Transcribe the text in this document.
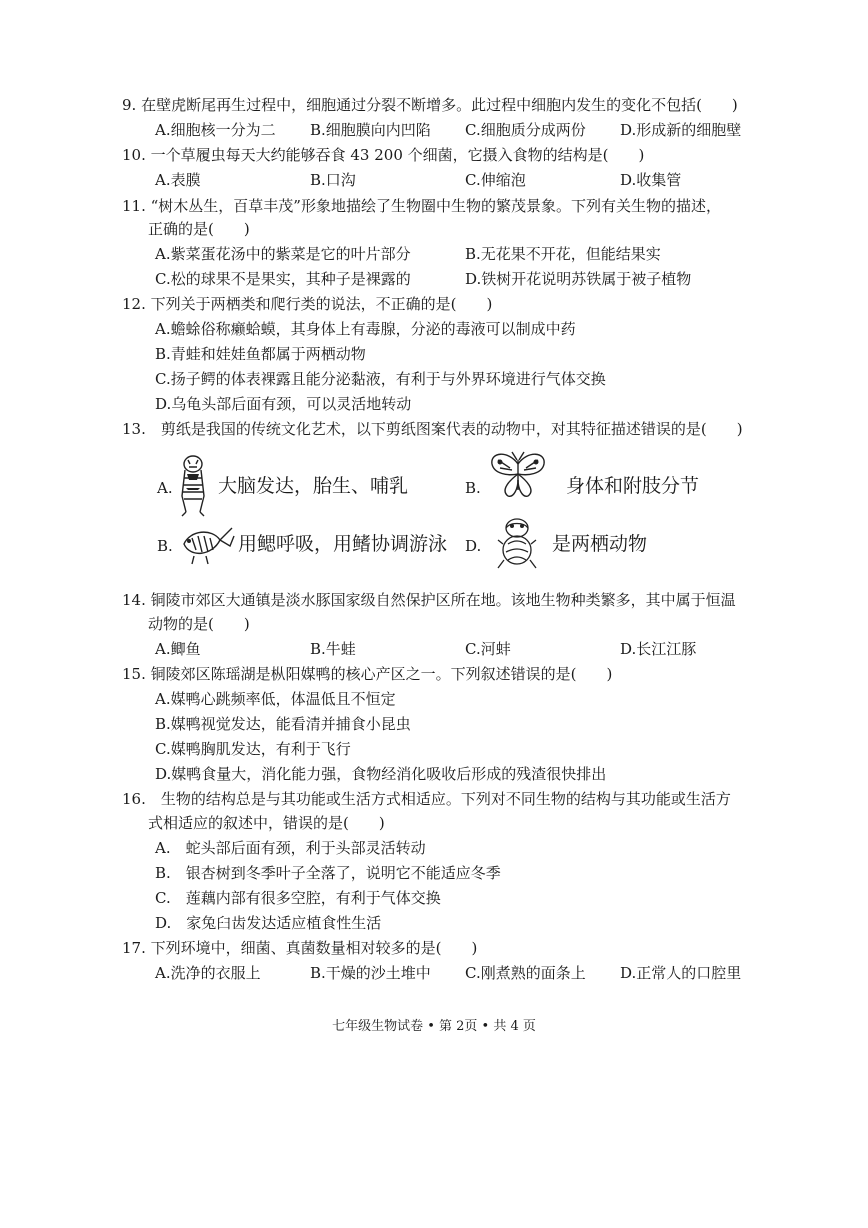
9. 在壁虎断尾再生过程中，细胞通过分裂不断增多。此过程中细胞内发生的变化不包括(　　)
A.细胞核一分为二 B.细胞膜向内凹陷 C.细胞质分成两份 D.形成新的细胞壁
10. 一个草履虫每天大约能够吞食 43 200 个细菌，它摄入食物的结构是(　　)
A.表膜	B.口沟	C.伸缩泡	D.收集管
11. “树木丛生，百草丰茂”形象地描绘了生物圈中生物的繁茂景象。下列有关生物的描述，
正确的是(　　)
A.紫菜蛋花汤中的紫菜是它的叶片部分	B.无花果不开花，但能结果实
C.松的球果不是果实，其种子是裸露的	D.铁树开花说明苏铁属于被子植物
12. 下列关于两栖类和爬行类的说法，不正确的是(　　)
A.蟾蜍俗称癞蛤蟆，其身体上有毒腺，分泌的毒液可以制成中药
B.青蛙和娃娃鱼都属于两栖动物
C.扬子鳄的体表裸露且能分泌黏液，有利于与外界环境进行气体交换
D.乌龟头部后面有颈，可以灵活地转动
13.　剪纸是我国的传统文化艺术，以下剪纸图案代表的动物中，对其特征描述错误的是(　　)
A. 大脑发达，胎生、哺乳	B.	身体和附肢分节
B.	用鳃呼吸，用鳍协调游泳 D.	是两栖动物
14. 铜陵市郊区大通镇是淡水豚国家级自然保护区所在地。该地生物种类繁多，其中属于恒温
动物的是(　　)
A.鲫鱼	B.牛蛙	C.河蚌	D.长江江豚
15. 铜陵郊区陈瑶湖是枞阳媒鸭的核心产区之一。下列叙述错误的是(　　)
A.媒鸭心跳频率低，体温低且不恒定
B.媒鸭视觉发达，能看清并捕食小昆虫
C.媒鸭胸肌发达，有利于飞行
D.媒鸭食量大，消化能力强，食物经消化吸收后形成的残渣很快排出
16.　生物的结构总是与其功能或生活方式相适应。下列对不同生物的结构与其功能或生活方
式相适应的叙述中，错误的是(　　)
A.　蛇头部后面有颈，利于头部灵活转动
B.　银杏树到冬季叶子全落了，说明它不能适应冬季
C.　莲藕内部有很多空腔，有利于气体交换
D.　家兔臼齿发达适应植食性生活
17. 下列环境中，细菌、真菌数量相对较多的是(　　)
A.洗净的衣服上	B.干燥的沙土堆中 C.刚煮熟的面条上 D.正常人的口腔里
七年级生物试卷 • 第 2页 • 共 4 页
